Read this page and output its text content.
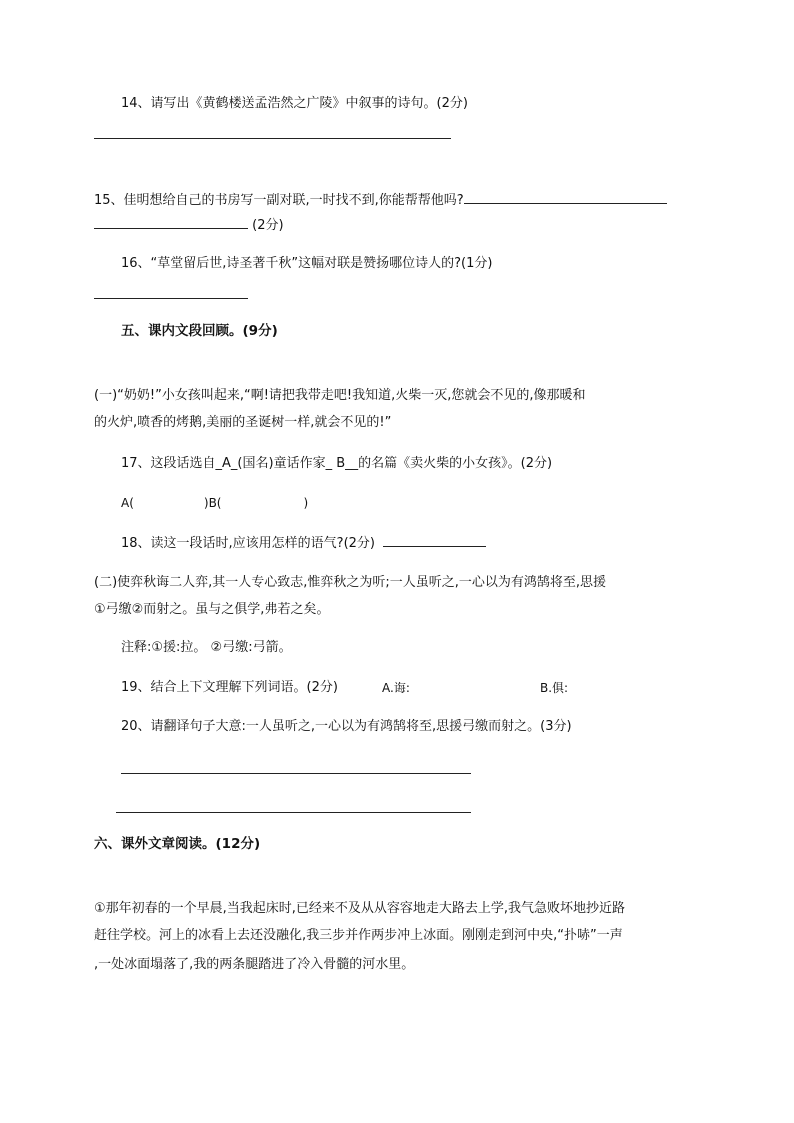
14、请写出《黄鹤楼送孟浩然之广陵》中叙事的诗句。(2分)
15、佳明想给自己的书房写一副对联,一时找不到,你能帮帮他吗?
(2分)
16、“草堂留后世,诗圣著千秋”这幅对联是赞扬哪位诗人的?(1分)
五、课内文段回顾。(9分)
(一)“奶奶!”小女孩叫起来,“啊!请把我带走吧!我知道,火柴一灭,您就会不见的,像那暖和
的火炉,喷香的烤鹅,美丽的圣诞树一样,就会不见的!”
17、这段话选自_A_(国名)童话作家_ B__的名篇《卖火柴的小女孩》。(2分)
A(	)B(	)
18、读这一段话时,应该用怎样的语气?(2分)
(二)使弈秋诲二人弈,其一人专心致志,惟弈秋之为听;一人虽听之,一心以为有鸿鹄将至,思援
①弓缴②而射之。虽与之俱学,弗若之矣。
注释:①援:拉。 ②弓缴:弓箭。
19、结合上下文理解下列词语。(2分)	A.诲:	B.俱:
20、请翻译句子大意:一人虽听之,一心以为有鸿鹄将至,思援弓缴而射之。(3分)
六、课外文章阅读。(12分)
①那年初春的一个早晨,当我起床时,已经来不及从从容容地走大路去上学,我气急败坏地抄近路
赶往学校。河上的冰看上去还没融化,我三步并作两步冲上冰面。刚刚走到河中央,“扑哧”一声
,一处冰面塌落了,我的两条腿踏进了冷入骨髓的河水里。
